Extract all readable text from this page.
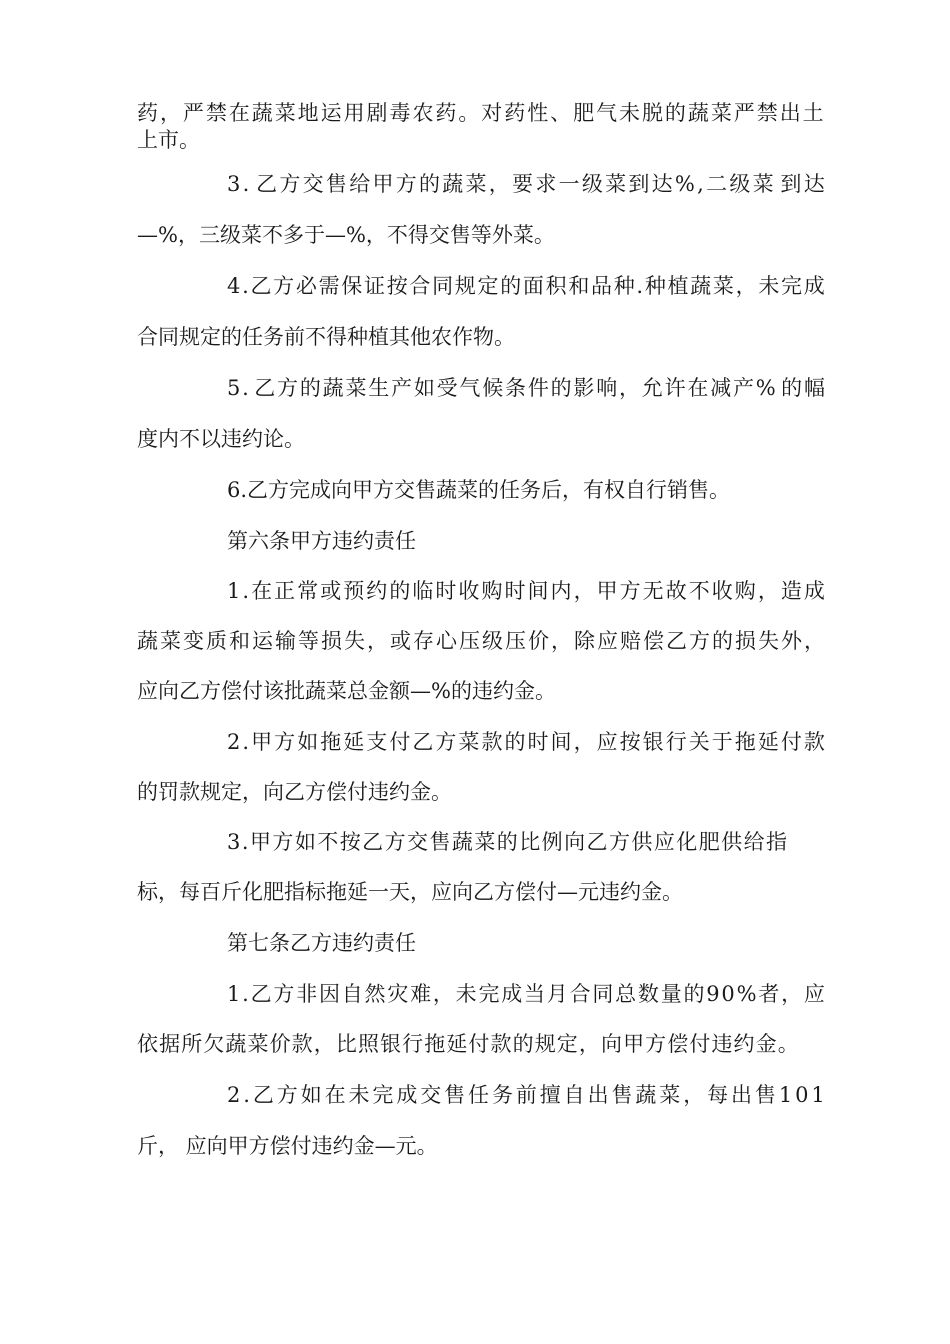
药 ， 严 禁 在 蔬 菜 地 运 用 剧 毒 农 药 。 对 药 性 、 肥 气 未 脱 的 蔬 菜 严 禁 出 土
上市。
3 . 乙 方 交 售 给 甲 方 的 蔬 菜 ， 要 求 一 级 菜 到 达 % , 二 级 菜 到 达
—%，三级菜不多于—%，不得交售等外菜。
4 . 乙 方 必 需 保 证 按 合 同 规 定 的 面 积 和 品 种 . 种 植 蔬 菜 ， 未 完 成
合同规定的任务前不得种植其他农作物。
5 . 乙 方 的 蔬 菜 生 产 如 受 气 候 条 件 的 影 响 ， 允 许 在 减 产 % 的 幅
度内不以违约论。
6.乙方完成向甲方交售蔬菜的任务后，有权自行销售。
第六条甲方违约责任
1 . 在 正 常 或 预 约 的 临 时 收 购 时 间 内 ， 甲 方 无 故 不 收 购 ， 造 成
蔬 菜 变 质 和 运 输 等 损 失 ， 或 存 心 压 级 压 价 ， 除 应 赔 偿 乙 方 的 损 失 外 ，
应向乙方偿付该批蔬菜总金额—%的违约金。
2 . 甲 方 如 拖 延 支 付 乙 方 菜 款 的 时 间 ， 应 按 银 行 关 于 拖 延 付 款
的罚款规定，向乙方偿付违约金。
3 . 甲 方 如 不 按 乙 方 交 售 蔬 菜 的 比 例 向 乙 方 供 应 化 肥 供 给 指
标，每百斤化肥指标拖延一天，应向乙方偿付—元违约金。
第七条乙方违约责任
1 . 乙 方 非 因 自 然 灾 难 ， 未 完 成 当 月 合 同 总 数 量 的 9 0 % 者 ， 应
依 据 所 欠 蔬 菜 价 款 ， 比 照 银 行 拖 延 付 款 的 规 定 ， 向 甲 方 偿 付 违 约 金 。
2 . 乙 方 如 在 未 完 成 交 售 任 务 前 擅 自 出 售 蔬 菜 ， 每 出 售 1 0 1
斤， 应向甲方偿付违约金—元。
